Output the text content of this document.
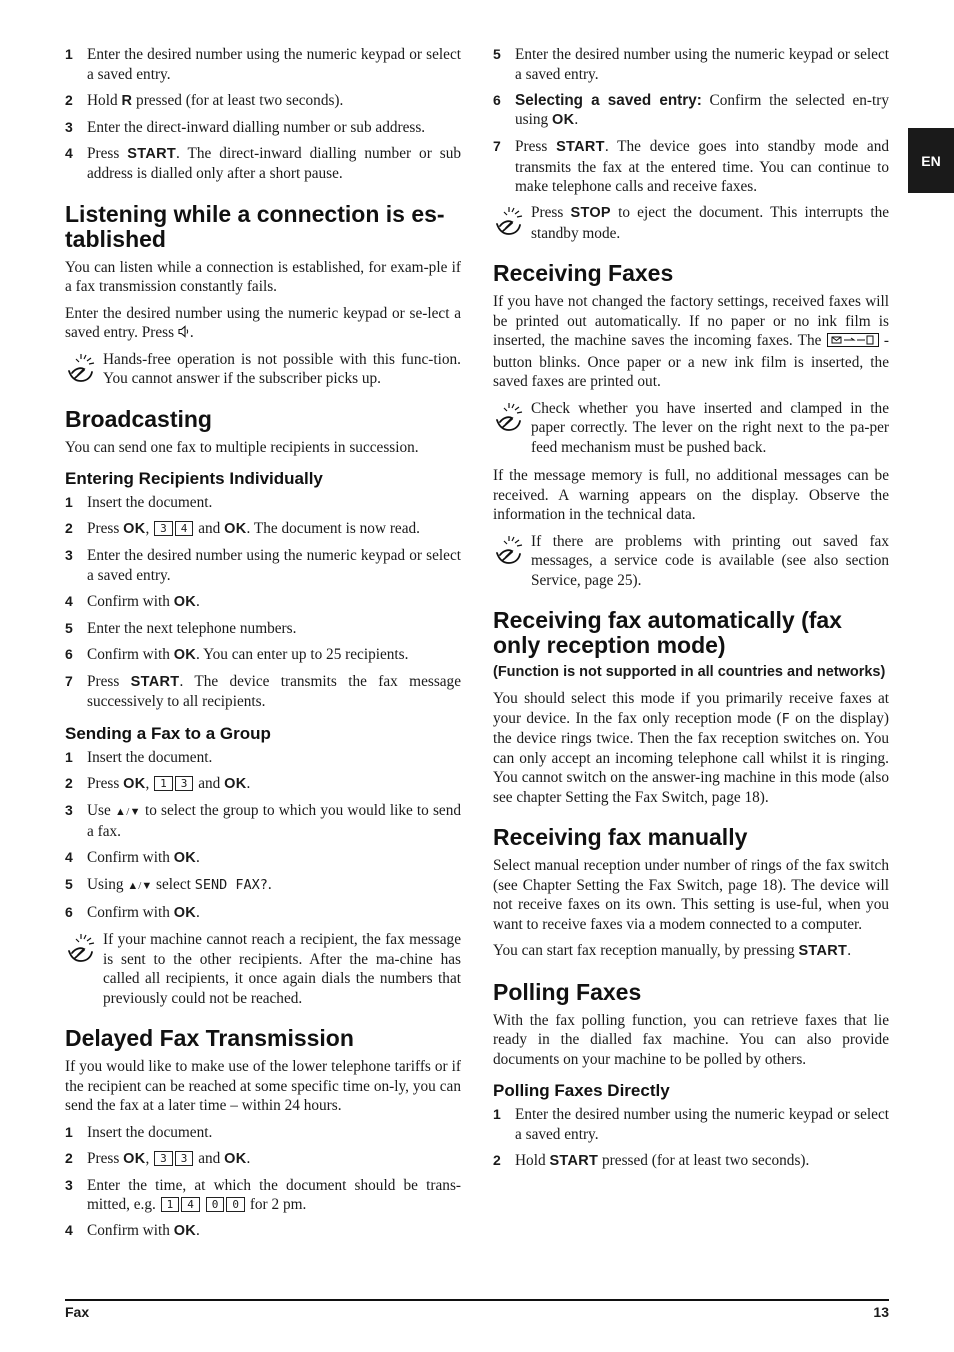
1 Enter the desired number using the numeric keypad or select a saved entry.
2 Hold R pressed (for at least two seconds).
3 Enter the direct-inward dialling number or sub address.
4 Press START. The direct-inward dialling number or sub address is dialled only after a short pause.
Listening while a connection is es-tablished

You can listen while a connection is established, for exam-ple if a fax transmission constantly fails.

Enter the desired number using the numeric keypad or se-lect a saved entry. Press .

Hands-free operation is not possible with this func-tion. You cannot answer if the subscriber picks up.
Broadcasting

You can send one fax to multiple recipients in succession.

Entering Recipients Individually
1 Insert the document.
2 Press OK, 3 4 and OK. The document is now read.
3 Enter the desired number using the numeric keypad or select a saved entry.
4 Confirm with OK.
5 Enter the next telephone numbers.
6 Confirm with OK. You can enter up to 25 recipients.
7 Press START. The device transmits the fax message successively to all recipients.
Sending a Fax to a Group
1 Insert the document.
2 Press OK, 1 3 and OK.
3 Use ▲/▼ to select the group to which you would like to send a fax.
4 Confirm with OK.
5 Using ▲/▼ select SEND FAX?.
6 Confirm with OK.
If your machine cannot reach a recipient, the fax message is sent to the other recipients. After the ma-chine has called all recipients, it once again dials the numbers that previously could not be reached.
Delayed Fax Transmission

If you would like to make use of the lower telephone tariffs or if the recipient can be reached at some specific time on-ly, you can send the fax at a later time – within 24 hours.

1 Insert the document.
2 Press OK, 3 3 and OK.
3 Enter the time, at which the document should be trans-mitted, e.g. 1 4 0 0 for 2 pm.
4 Confirm with OK.
5 Enter the desired number using the numeric keypad or select a saved entry.
6 Selecting a saved entry: Confirm the selected en-try using OK.
7 Press START. The device goes into standby mode and transmits the fax at the entered time. You can continue to make telephone calls and receive faxes.
Press STOP to eject the document. This interrupts the standby mode.
Receiving Faxes

If you have not changed the factory settings, received faxes will be printed out automatically. If no paper or no ink film is inserted, the machine saves the incoming faxes. The	- button blinks. Once paper or a new ink film is inserted, the saved faxes are printed out.

Check whether you have inserted and clamped in the paper correctly. The lever on the right next to the pa-per feed mechanism must be pushed back.

If the message memory is full, no additional messages can be received. A warning appears on the display. Observe the information in the technical data.

If there are problems with printing out saved fax messages, a service code is available (see also section Service, page 25).
Receiving fax automatically (fax only reception mode)
(Function is not supported in all countries and networks)

You should select this mode if you primarily receive faxes at your device. In the fax only reception mode (F on the display) the device rings twice. Then the fax reception switches on. You can only accept an incoming telephone call whilst it is ringing. You cannot switch on the answer-ing machine in this mode (also see chapter Setting the Fax Switch, page 18).

Receiving fax manually

Select manual reception under number of rings of the fax switch (see Chapter Setting the Fax Switch, page 18). The device will not receive faxes on its own. This setting is use-ful, when you want to receive faxes via a modem connected to a computer.

You can start fax reception manually, by pressing START.

Polling Faxes

With the fax polling function, you can retrieve faxes that lie ready in the dialled fax machine. You can also provide documents on your machine to be polled by others.

Polling Faxes Directly
1 Enter the desired number using the numeric keypad or select a saved entry.
2 Hold START pressed (for at least two seconds).
EN
Fax	13
